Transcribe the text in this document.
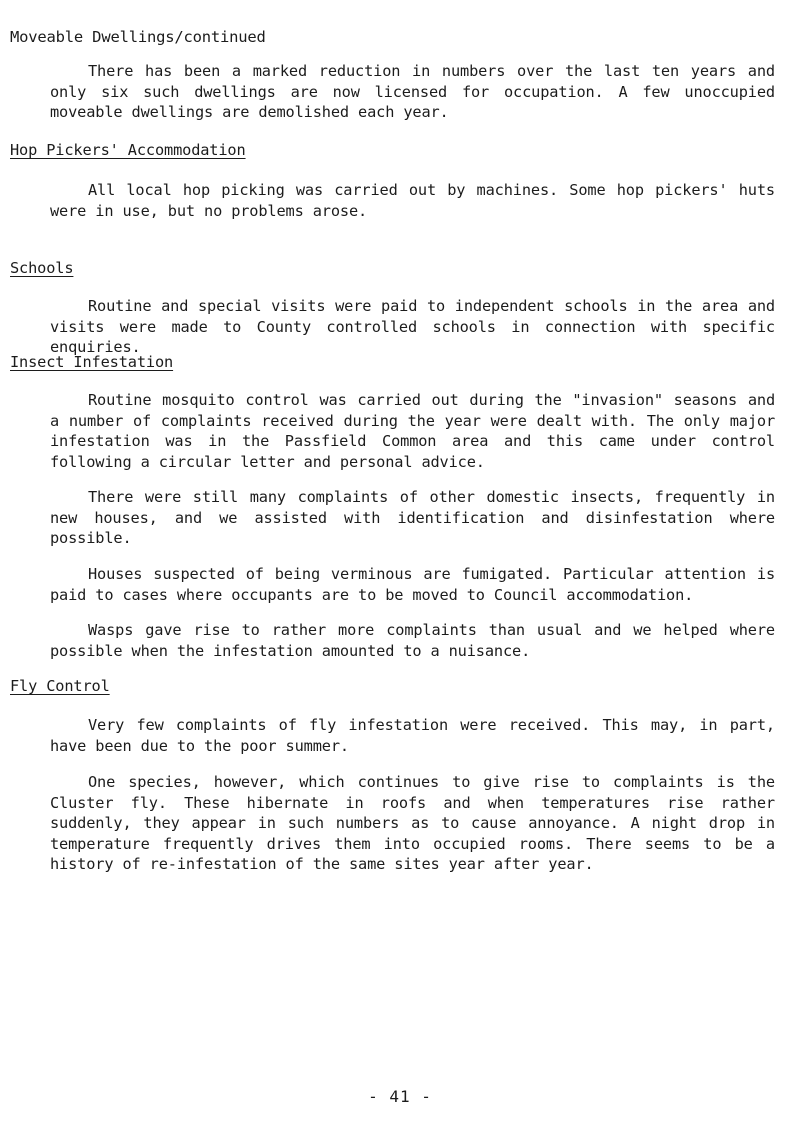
Moveable Dwellings/continued

There has been a marked reduction in numbers over the last ten years and only six such dwellings are now licensed for occupation. A few unoccupied moveable dwellings are demolished each year.

Hop Pickers' Accommodation

All local hop picking was carried out by machines. Some hop pickers' huts were in use, but no problems arose.

Schools

Routine and special visits were paid to independent schools in the area and visits were made to County controlled schools in connection with specific enquiries.

Insect Infestation

Routine mosquito control was carried out during the "invasion" seasons and a number of complaints received during the year were dealt with. The only major infestation was in the Passfield Common area and this came under control following a circular letter and personal advice.

There were still many complaints of other domestic insects, frequently in new houses, and we assisted with identification and disinfestation where possible.

Houses suspected of being verminous are fumigated. Particular attention is paid to cases where occupants are to be moved to Council accommodation.

Wasps gave rise to rather more complaints than usual and we helped where possible when the infestation amounted to a nuisance.

Fly Control

Very few complaints of fly infestation were received. This may, in part, have been due to the poor summer.

One species, however, which continues to give rise to complaints is the Cluster fly. These hibernate in roofs and when temperatures rise rather suddenly, they appear in such numbers as to cause annoyance. A night drop in temperature frequently drives them into occupied rooms. There seems to be a history of re-infestation of the same sites year after year.

- 41 -
